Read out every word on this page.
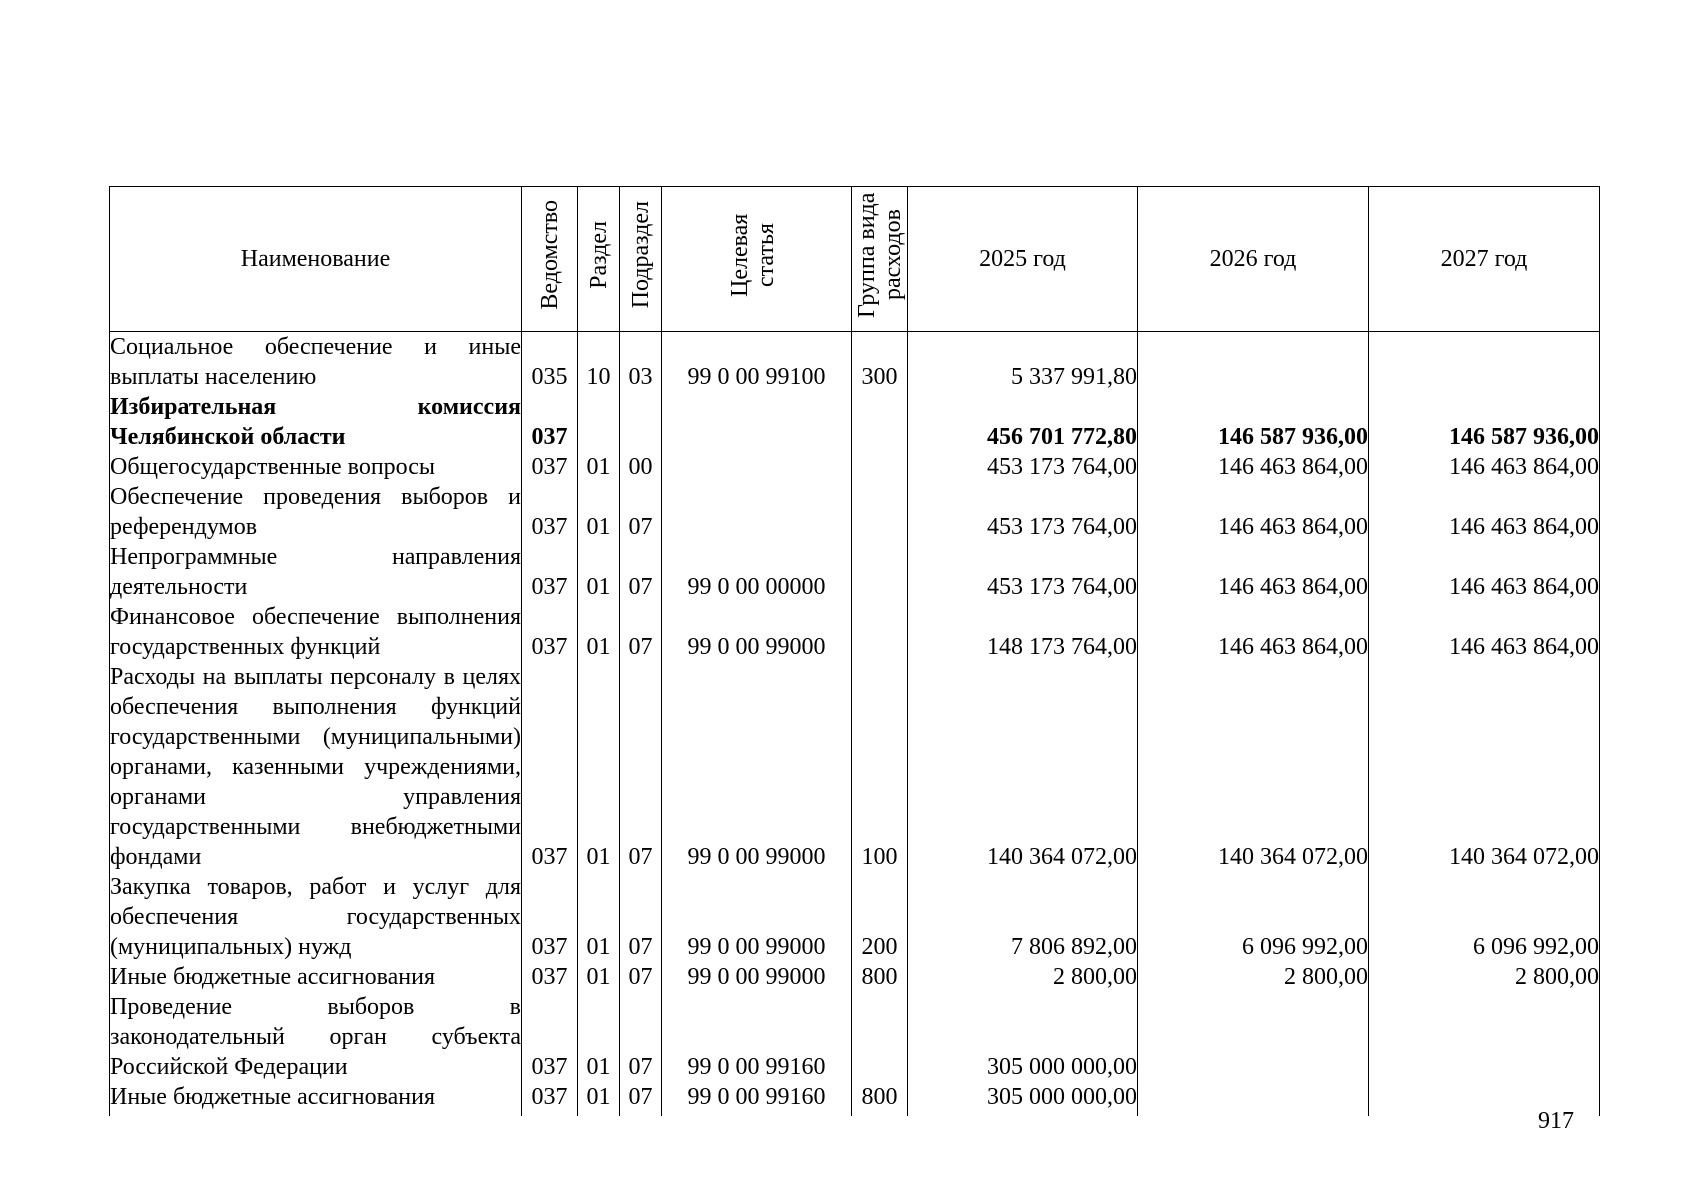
Наименование	Ведомство	Раздел	Подраздел	Целевая статья	Группа вида расходов	2025 год	2026 год	2027 год
Социальное обеспечение и иные выплаты населению	035	10	03	99 0 00 99100	300	5 337 991,80		
Избирательная комиссия Челябинской области	037					456 701 772,80	146 587 936,00	146 587 936,00
Общегосударственные вопросы	037	01	00			453 173 764,00	146 463 864,00	146 463 864,00
Обеспечение проведения выборов и референдумов	037	01	07			453 173 764,00	146 463 864,00	146 463 864,00
Непрограммные направления деятельности	037	01	07	99 0 00 00000		453 173 764,00	146 463 864,00	146 463 864,00
Финансовое обеспечение выполнения государственных функций	037	01	07	99 0 00 99000		148 173 764,00	146 463 864,00	146 463 864,00
Расходы на выплаты персоналу в целях обеспечения выполнения функций государственными (муниципальными) органами, казенными учреждениями, органами управления государственными внебюджетными фондами	037	01	07	99 0 00 99000	100	140 364 072,00	140 364 072,00	140 364 072,00
Закупка товаров, работ и услуг для обеспечения государственных (муниципальных) нужд	037	01	07	99 0 00 99000	200	7 806 892,00	6 096 992,00	6 096 992,00
Иные бюджетные ассигнования	037	01	07	99 0 00 99000	800	2 800,00	2 800,00	2 800,00
Проведение выборов в законодательный орган субъекта Российской Федерации	037	01	07	99 0 00 99160		305 000 000,00		
Иные бюджетные ассигнования	037	01	07	99 0 00 99160	800	305 000 000,00		
917
